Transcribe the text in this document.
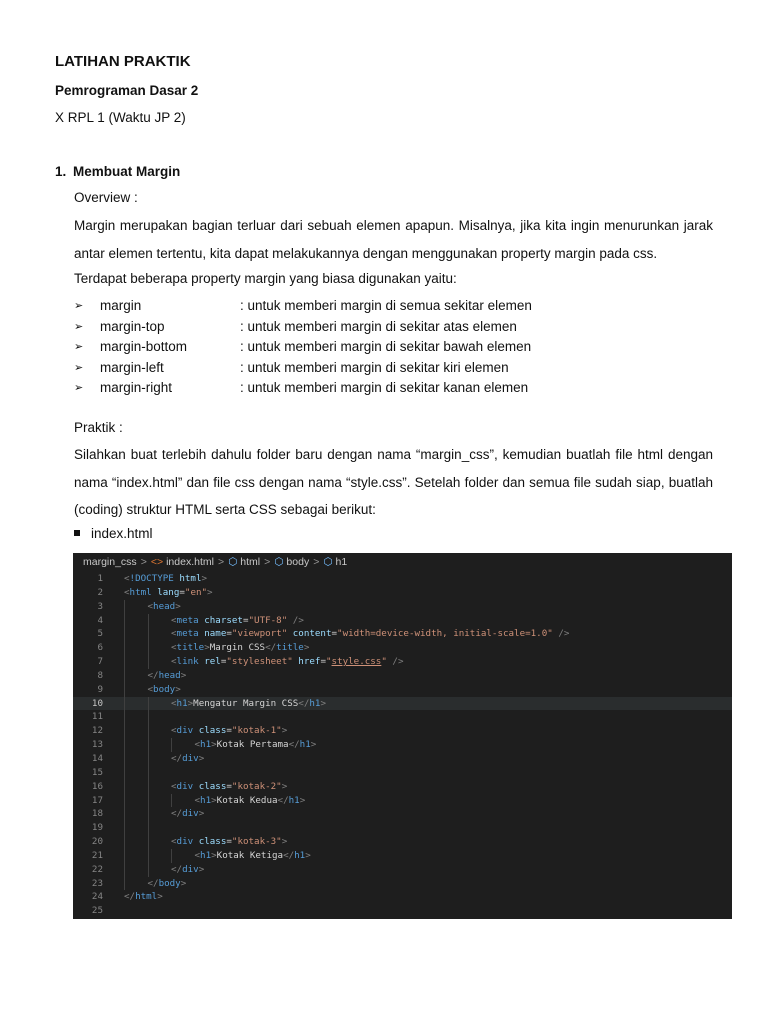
LATIHAN PRAKTIK
Pemrograman Dasar 2
X RPL 1 (Waktu JP 2)
1. Membuat Margin
Overview :
Margin merupakan bagian terluar dari sebuah elemen apapun. Misalnya, jika kita ingin menurunkan jarak antar elemen tertentu, kita dapat melakukannya dengan menggunakan property margin pada css.
Terdapat beberapa property margin yang biasa digunakan yaitu:
➢ margin	: untuk memberi margin di semua sekitar elemen
➢ margin-top	: untuk memberi margin di sekitar atas elemen
➢ margin-bottom	: untuk memberi margin di sekitar bawah elemen
➢ margin-left	: untuk memberi margin di sekitar kiri elemen
➢ margin-right	: untuk memberi margin di sekitar kanan elemen
Praktik :
Silahkan buat terlebih dahulu folder baru dengan nama “margin_css”, kemudian buatlah file html dengan nama “index.html” dan file css dengan nama “style.css”. Setelah folder dan semua file sudah siap, buatlah (coding) struktur HTML serta CSS sebagai berikut:
index.html
margin_css > <> index.html > ⬡ html > ⬡ body > ⬡ h1
1 <!DOCTYPE html>
2 <html lang="en">
3	<head>
4	<meta charset="UTF-8" />
5	<meta name="viewport" content="width=device-width, initial-scale=1.0" />
6	<title>Margin CSS</title>
7	<link rel="stylesheet" href="style.css" />
8	</head>
9	<body>
10	<h1>Mengatur Margin CSS</h1>
11
12	<div class="kotak-1">
13	<h1>Kotak Pertama</h1>
14	</div>
15
16	<div class="kotak-2">
17	<h1>Kotak Kedua</h1>
18	</div>
19
20	<div class="kotak-3">
21	<h1>Kotak Ketiga</h1>
22	</div>
23	</body>
24 </html>
25
